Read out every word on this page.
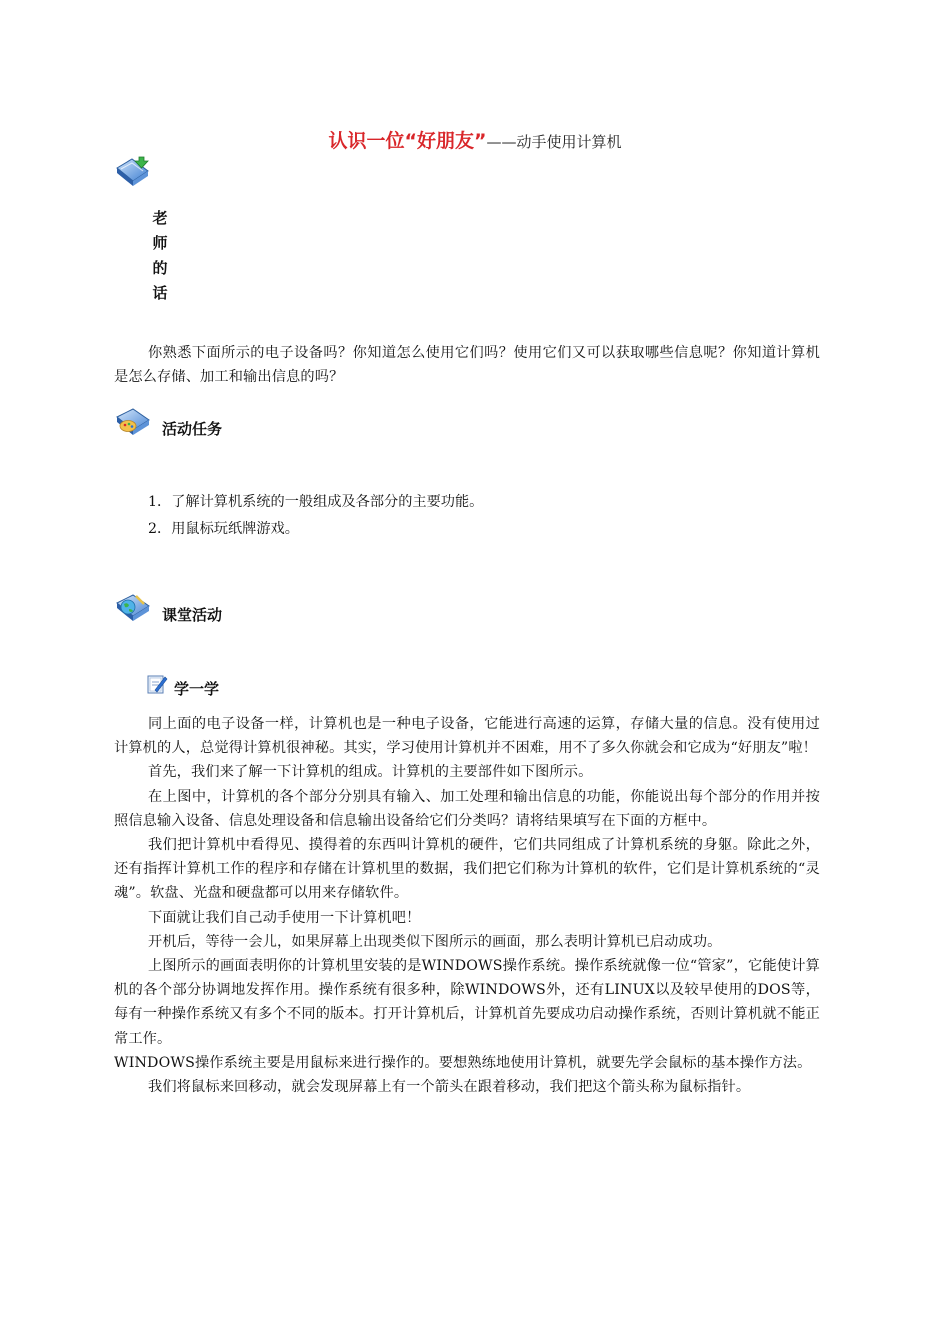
认识一位“好朋友”——动手使用计算机
老
师
的
话

你熟悉下面所示的电子设备吗？你知道怎么使用它们吗？使用它们又可以获取哪些信息呢？你知道计算机是怎么存储、加工和输出信息的吗？

活动任务
1．了解计算机系统的一般组成及各部分的主要功能。
2．用鼠标玩纸牌游戏。
课堂活动
学一学

同上面的电子设备一样，计算机也是一种电子设备，它能进行高速的运算，存储大量的信息。没有使用过计算机的人，总觉得计算机很神秘。其实，学习使用计算机并不困难，用不了多久你就会和它成为“好朋友”啦！

首先，我们来了解一下计算机的组成。计算机的主要部件如下图所示。

在上图中，计算机的各个部分分别具有输入、加工处理和输出信息的功能，你能说出每个部分的作用并按照信息输入设备、信息处理设备和信息输出设备给它们分类吗？请将结果填写在下面的方框中。

我们把计算机中看得见、摸得着的东西叫计算机的硬件，它们共同组成了计算机系统的身躯。除此之外，还有指挥计算机工作的程序和存储在计算机里的数据，我们把它们称为计算机的软件，它们是计算机系统的“灵魂”。软盘、光盘和硬盘都可以用来存储软件。

下面就让我们自己动手使用一下计算机吧！

开机后，等待一会儿，如果屏幕上出现类似下图所示的画面，那么表明计算机已启动成功。

上图所示的画面表明你的计算机里安装的是WINDOWS操作系统。操作系统就像一位“管家”，它能使计算机的各个部分协调地发挥作用。操作系统有很多种，除WINDOWS外，还有LINUX以及较早使用的DOS等，每有一种操作系统又有多个不同的版本。打开计算机后，计算机首先要成功启动操作系统，否则计算机就不能正常工作。

WINDOWS操作系统主要是用鼠标来进行操作的。要想熟练地使用计算机，就要先学会鼠标的基本操作方法。

我们将鼠标来回移动，就会发现屏幕上有一个箭头在跟着移动，我们把这个箭头称为鼠标指针。
